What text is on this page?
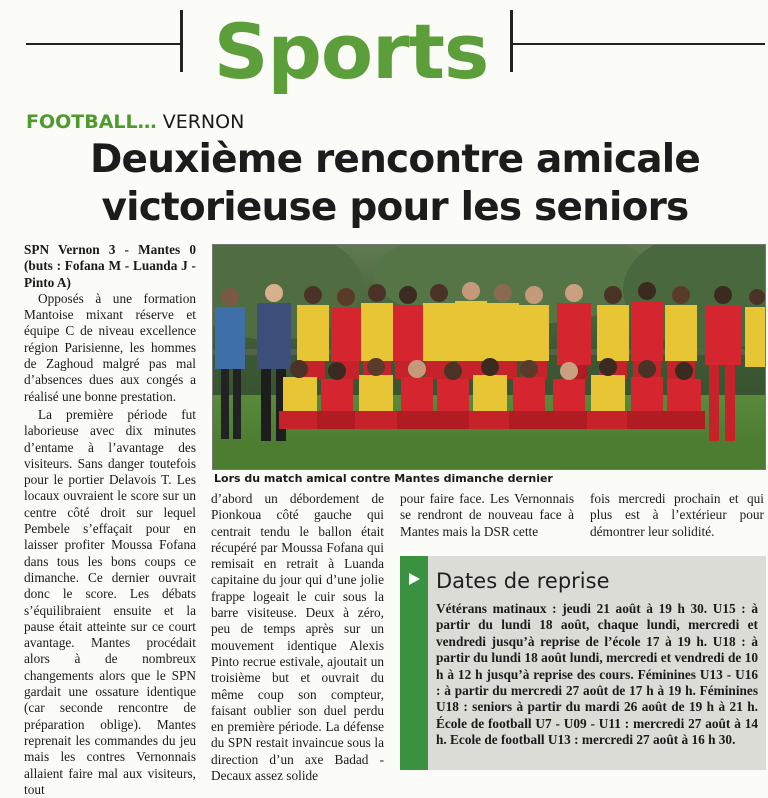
Sports
FOOTBALL… VERNON
Deuxième rencontre amicale
victorieuse pour les seniors

SPN Vernon 3 - Mantes 0 (buts : Fofana M - Luanda J - Pinto A)

Opposés à une formation Mantoise mixant réserve et équipe C de niveau excellence région Parisienne, les hommes de Zaghoud malgré pas mal d’absences dues aux congés a réalisé une bonne prestation.

La première période fut laborieuse avec dix minutes d’entame à l’avantage des visiteurs. Sans danger toutefois pour le portier Delavois T. Les locaux ouvraient le score sur un centre côté droit sur lequel Pembele s’effaçait pour en laisser profiter Moussa Fofana dans tous les bons coups ce dimanche. Ce dernier ouvrait donc le score. Les débats s’équilibraient ensuite et la pause était atteinte sur ce court avantage. Mantes procédait alors à de nombreux changements alors que le SPN gardait une ossature identique (car seconde rencontre de préparation oblige). Mantes reprenait les commandes du jeu mais les contres Vernonnais allaient faire mal aux visiteurs, tout

Lors du match amical contre Mantes dimanche dernier

d’abord un débordement de Pionkoua côté gauche qui centrait tendu le ballon était récupéré par Moussa Fofana qui remisait en retrait à Luanda capitaine du jour qui d’une jolie frappe logeait le cuir sous la barre visiteuse. Deux à zéro, peu de temps après sur un mouvement identique Alexis Pinto recrue estivale, ajoutait un troisième but et ouvrait du même coup son compteur, faisant oublier son duel perdu en première période. La défense du SPN restait invaincue sous la direction d’un axe Badad - Decaux assez solide

pour faire face. Les Vernonnais se rendront de nouveau face à Mantes mais la DSR cette

fois mercredi prochain et qui plus est à l’extérieur pour démontrer leur solidité.

Dates de reprise
Vétérans matinaux : jeudi 21 août à 19 h 30. U15 : à partir du lundi 18 août, chaque lundi, mercredi et vendredi jusqu’à reprise de l’école 17 à 19 h. U18 : à partir du lundi 18 août lundi, mercredi et vendredi de 10 h à 12 h jusqu’à reprise des cours. Féminines U13 - U16 : à partir du mercredi 27 août de 17 h à 19 h. Féminines U18 : seniors à partir du mardi 26 août de 19 h à 21 h. École de football U7 - U09 - U11 : mercredi 27 août à 14 h. Ecole de football U13 : mercredi 27 août à 16 h 30.
